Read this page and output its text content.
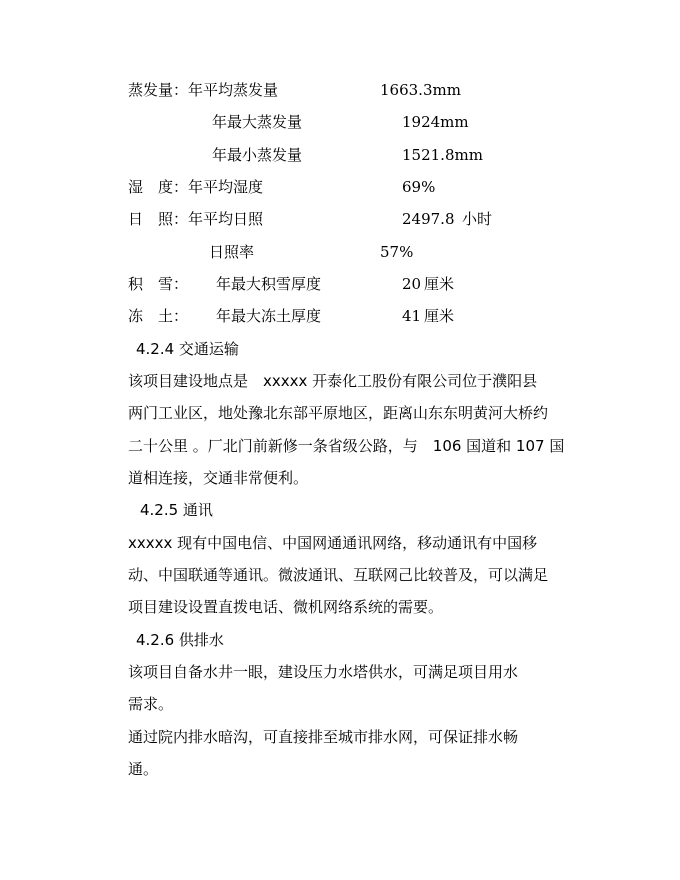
蒸发量：年平均蒸发量	1663.3mm
年最大蒸发量	1924mm
年最小蒸发量	1521.8mm
湿　度：年平均湿度	69%
日　照：年平均日照	2497.8 小时
日照率	57%
积　雪： 年最大积雪厚度	20 厘米
冻　土： 年最大冻土厚度	41 厘米
4.2.4 交通运输
该项目建设地点是　xxxxx 开泰化工股份有限公司位于濮阳县
两门工业区，地处豫北东部平原地区，距离山东东明黄河大桥约
二十公里 。厂北门前新修一条省级公路，与　106 国道和 107 国
道相连接，交通非常便利。
4.2.5 通讯
xxxxx 现有中国电信、中国网通通讯网络，移动通讯有中国移
动、中国联通等通讯。微波通讯、互联网己比较普及，可以满足
项目建设设置直拨电话、微机网络系统的需要。
4.2.6 供排水
该项目自备水井一眼，建设压力水塔供水，可满足项目用水
需求。
通过院内排水暗沟，可直接排至城市排水网，可保证排水畅
通。
